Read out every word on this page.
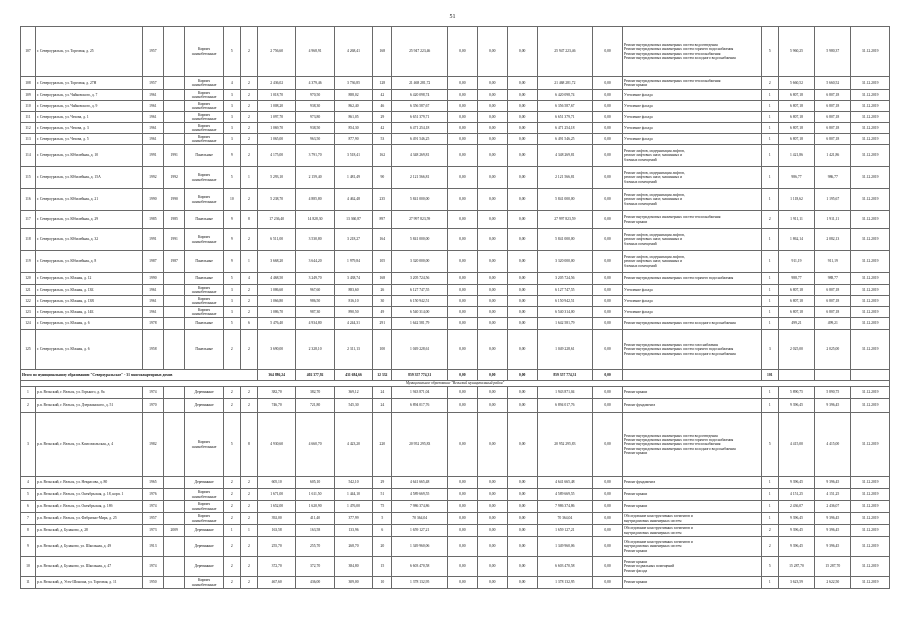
51
107	г. Североуральск, ул. Торговая, д. 25	1957		Кирпич шлакобетонные	5	2	2 756,60	4 968,91	4 268,41	168	25 947 223,46	0,00	0,00	0,00	25 947 223,46	0,00	Ремонт внутридомовых инженерных систем водоотведения
Ремонт внутридомовых инженерных систем горячего водоснабжения
Ремонт внутридомовых инженерных систем теплоснабжения
Ремонт внутридомовых инженерных систем холодного водоснабжения	5	5 960,25	5 980,37	31.12.2019
108	г. Североуральск, ул. Торговая, д. 27Н	1957		Кирпич шлакобетонные	4	2	2 436,02	4 379,46	3 736,85	128	21 468 281,72	0,00	0,00	0,00	21 468 281,72	0,00	Ремонт внутридомовых инженерных систем теплоснабжения
Ремонт крыши	2	5 660,52	5 660,52	31.12.2019
109	г. Североуральск, ул. Чайковского, д. 7	1961		Кирпич шлакобетонные	3	2	1 018,70	970,50	888,02	42	6 420 098,74	0,00	0,00	0,00	6 420 098,74	0,00	Утепление фасада	1	6 807,18	6 807,18	31.12.2019
110	г. Североуральск, ул. Чайковского, д. 9	1961		Кирпич шлакобетонные	3	2	1 008,20	938,30	862,40	46	6 356 587,67	0,00	0,00	0,00	6 356 587,67	0,00	Утепление фасада	1	6 807,18	6 807,18	31.12.2019
111	г. Североуральск, ул. Чехова, д. 1	1961		Кирпич шлакобетонные	3	2	1 097,70	973,80	861,05	29	6 651 379,71	0,00	0,00	0,00	6 651 379,71	0,00	Утепление фасада	1	6 807,18	6 807,18	31.12.2019
112	г. Североуральск, ул. Чехова, д. 3	1961		Кирпич шлакобетонные	3	2	1 069,70	938,50	854,30	42	6 471 254,18	0,00	0,00	0,00	6 471 254,18	0,00	Утепление фасада	1	6 807,18	6 807,18	31.12.2019
113	г. Североуральск, ул. Чехова, д. 5	1961		Кирпич шлакобетонные	3	2	1 065,00	963,50	877,90	53	6 491 546,25	0,00	0,00	0,00	6 491 546,25	0,00	Утепление фасада	1	6 807,18	6 807,18	31.12.2019
114	г. Североуральск, ул. Юбилейная, д. 10	1991	1991	Панельные	9	2	4 175,00	3 791,70	3 518,41	162	4 348 269,81	0,00	0,00	0,00	4 348 269,81	0,00	Ремонт лифтов, модернизация лифтов,
ремонт лифтовых шахт, машинных и
блочных помещений	1	1 421,86	1 421,86	31.12.2019
115	г. Североуральск, ул. Юбилейная, д. 15А	1992	1992	Кирпич шлакобетонные	5	1	5 293,10	2 159,40	1 481,49	90	2 121 566,81	0,00	0,00	0,00	2 121 566,81	0,00	Ремонт лифтов, модернизация лифтов,
ремонт лифтовых шахт, машинных и
блочных помещений	1	986,77	986,77	31.12.2019
116	г. Североуральск, ул. Юбилейная, д. 21	1990	1990	Кирпич шлакобетонные	10	2	5 238,70	4 885,80	4 462,48	235	5 841 000,00	0,00	0,00	0,00	5 841 000,00	0,00	Ремонт лифтов, модернизация лифтов,
ремонт лифтовых шахт, машинных и
блочных помещений	1	1 118,62	1 195,67	31.12.2019
117	г. Североуральск, ул. Юбилейная, д. 29	1985	1985	Панельные	9	8	17 236,40	14 828,30	13 360,87	897	27 997 823,59	0,00	0,00	0,00	27 997 823,59	0,00	Ремонт внутридомовых инженерных систем теплоснабжения
Ремонт крыши	2	1 911,11	1 911,11	31.12.2019
118	г. Североуральск, ул. Юбилейная, д. 32	1991	1991	Кирпич шлакобетонные	9	2	6 511,00	3 530,80	3 218,27	164	5 841 000,00	0,00	0,00	0,00	5 841 000,00	0,00	Ремонт лифтов, модернизация лифтов,
ремонт лифтовых шахт, машинных и
блочных помещений	1	1 862,14	2 082,13	31.12.2019
119	г. Североуральск, ул. Юбилейная, д. 8	1987	1987	Панельные	9	1	3 668,20	3 644,20	1 979,84	105	3 320 000,00	0,00	0,00	0,00	3 320 000,00	0,00	Ремонт лифтов, модернизация лифтов,
ремонт лифтовых шахт, машинных и
блочных помещений	1	911,19	911,19	31.12.2019
120	г. Североуральск, ул. Южная, д. 12	1990		Панельные	5	4	4 468,50	3 249,70	3 438,74	168	3 205 724,56	0,00	0,00	0,00	3 205 724,56	0,00	Ремонт внутридомовых инженерных систем горячего водоснабжения	1	988,77	988,77	31.12.2019
121	г. Североуральск, ул. Южная, д. 13Б	1961		Кирпич шлакобетонные	3	2	1 086,60	967,60	883,60	26	6 127 747,55	0,00	0,00	0,00	6 127 747,55	0,00	Утепление фасада	1	6 807,18	6 807,18	31.12.2019
122	г. Североуральск, ул. Южная, д. 13В	1961		Кирпич шлакобетонные	3	2	1 066,80	986,50	816,10	30	6 150 942,51	0,00	0,00	0,00	6 150 942,51	0,00	Утепление фасада	1	6 807,18	6 807,18	31.12.2019
123	г. Североуральск, ул. Южная, д. 14Б	1961		Кирпич шлакобетонные	3	2	1 086,70	987,30	890,50	49	6 540 314,00	0,00	0,00	0,00	6 540 314,00	0,00	Утепление фасада	1	6 807,18	6 807,18	31.12.2019
124	г. Североуральск, ул. Южная, д. 6	1978		Панельные	5	6	5 476,40	4 934,80	4 244,31	291	1 642 581,79	0,00	0,00	0,00	1 642 581,79	0,00	Ремонт внутридомовых инженерных систем холодного водоснабжения	1	499,21	499,21	31.12.2019
125	г. Североуральск, ул. Южная, д. 6	1958		Панельные	2	2	3 690,00	2 328,10	2 311,13	100	1 049 228,61	0,00	0,00	0,00	1 049 228,61	0,00	Ремонт внутридомовых инженерных систем газоснабжения
Ремонт внутридомовых инженерных систем горячего водоснабжения
Ремонт внутридомовых инженерных систем холодного водоснабжения	3	2 025,00	2 025,00	31.12.2019
Итого по муниципальному образованию "Североуральское" - 31 многоквартирных домов							364 886,24	402 377,92	431 684,66	12 332	859 357 774,31	0,00	0,00	0,00	859 357 774,31	0,00		101			
Муниципальное образование "Вельский муниципальный район"																					
1	р.п. Вельский, г. Вельск, ул. Горького, д. 8а	1974		Деревянные	2	2	382,70	382,70	369,12	24	1 943 871,04	0,00	0,00	0,00	1 943 871,04	0,00	Ремонт крыши	1	5 890,75	5 890,75	31.12.2019
2	р.п. Вельский, г. Вельск, ул. Дзержинского, д. 51	1970		Деревянные	2	2	746,70	721,80	545,30	24	6 894 017,76	0,00	0,00	0,00	6 894 017,76	0,00	Ремонт фундамента	1	9 396,45	9 396,45	31.12.2019
3	р.п. Вельский, г. Вельск, ул. Комсомольская, д. 4	1982		Кирпич шлакобетонные	5	8	4 930,60	4 660,70	4 423,20	220	20 952 295,83	0,00	0,00	0,00	20 952 295,83	0,00	Ремонт внутридомовых инженерных систем водоотведения
Ремонт внутридомовых инженерных систем горячего водоснабжения
Ремонт внутридомовых инженерных систем теплоснабжения
Ремонт внутридомовых инженерных систем холодного водоснабжения
Ремонт крыши	5	4 415,00	4 415,00	31.12.2019
4	р.п. Вельский, г. Вельск, ул. Некрасова, д. 80	1965		Деревянные	2	2	605,10	605,10	542,10	29	4 641 665,48	0,00	0,00	0,00	4 641 665,48	0,00	Ремонт фундамента	1	9 396,45	9 396,45	31.12.2019
5	р.п. Вельский, г. Вельск, ул. Октябрьская, д. 18, корп. 1	1976		Кирпич шлакобетонные	2	2	1 671,00	1 611,50	1 444,10	51	4 589 669,55	0,00	0,00	0,00	4 589 669,55	0,00	Ремонт крыши	1	4 151,25	4 151,25	31.12.2019
6	р.п. Вельский, г. Вельск, ул. Октябрьская, д. 18б	1974		Кирпич шлакобетонные	2	2	1 652,00	1 620,90	1 476,00	75	7 986 374,86	0,00	0,00	0,00	7 986 374,86	0,00	Ремонт крыши	1	2 436,07	2 436,07	31.12.2019
7	р.п. Вельский, г. Вельск, ул. Фабрично-Мира, д. 25	1957		Кирпич шлакобетонные	2	2	392,00	411,40	377,99	5	70 364,04	0,00	0,00	0,00	70 364,04	0,00	Обследование конструктивных элементов и
внутридомовых инженерных систем	1	9 396,45	9 396,45	31.12.2019
8	р.п. Вельский, д. Буланово, д. 28	1973	2009	Деревянные	1	1	163,58	163,58	133,96	6	1 659 127,21	0,00	0,00	0,00	1 659 127,21	0,00	Обследование конструктивных элементов и
внутридомовых инженерных систем	2	9 396,45	9 396,45	31.12.2019
9	р.п. Вельский, д. Буланово, ул. Школьная, д. 49	1913		Деревянные	2	2	255,70	255,70	268,70	20	1 349 960,06	0,00	0,00	0,00	1 349 960,06	0,00	Обследование конструктивных элементов и
внутридомовых инженерных систем
Ремонт крыши	2	9 396,45	9 396,45	31.12.2019
10	р.п. Вельский, д. Буланово, ул. Школьная, д. 47	1974		Деревянные	2	2	372,70	372,70	384,80	15	6 603 470,58	0,00	0,00	0,00	6 603 470,58	0,00	Ремонт крыши
Ремонт подвальных помещений
Ремонт фасада	5	15 287,70	15 287,70	31.12.2019
11	р.п. Вельский, д. Усть-Шоноша, ул. Торговая, д. 11	1950		Кирпич шлакобетонные	2	2	467,60	436,00	309,00	10	1 378 132,95	0,00	0,00	0,00	1 378 132,95	0,00	Ремонт крыши	1	3 623,59	2 622,50	31.12.2019
